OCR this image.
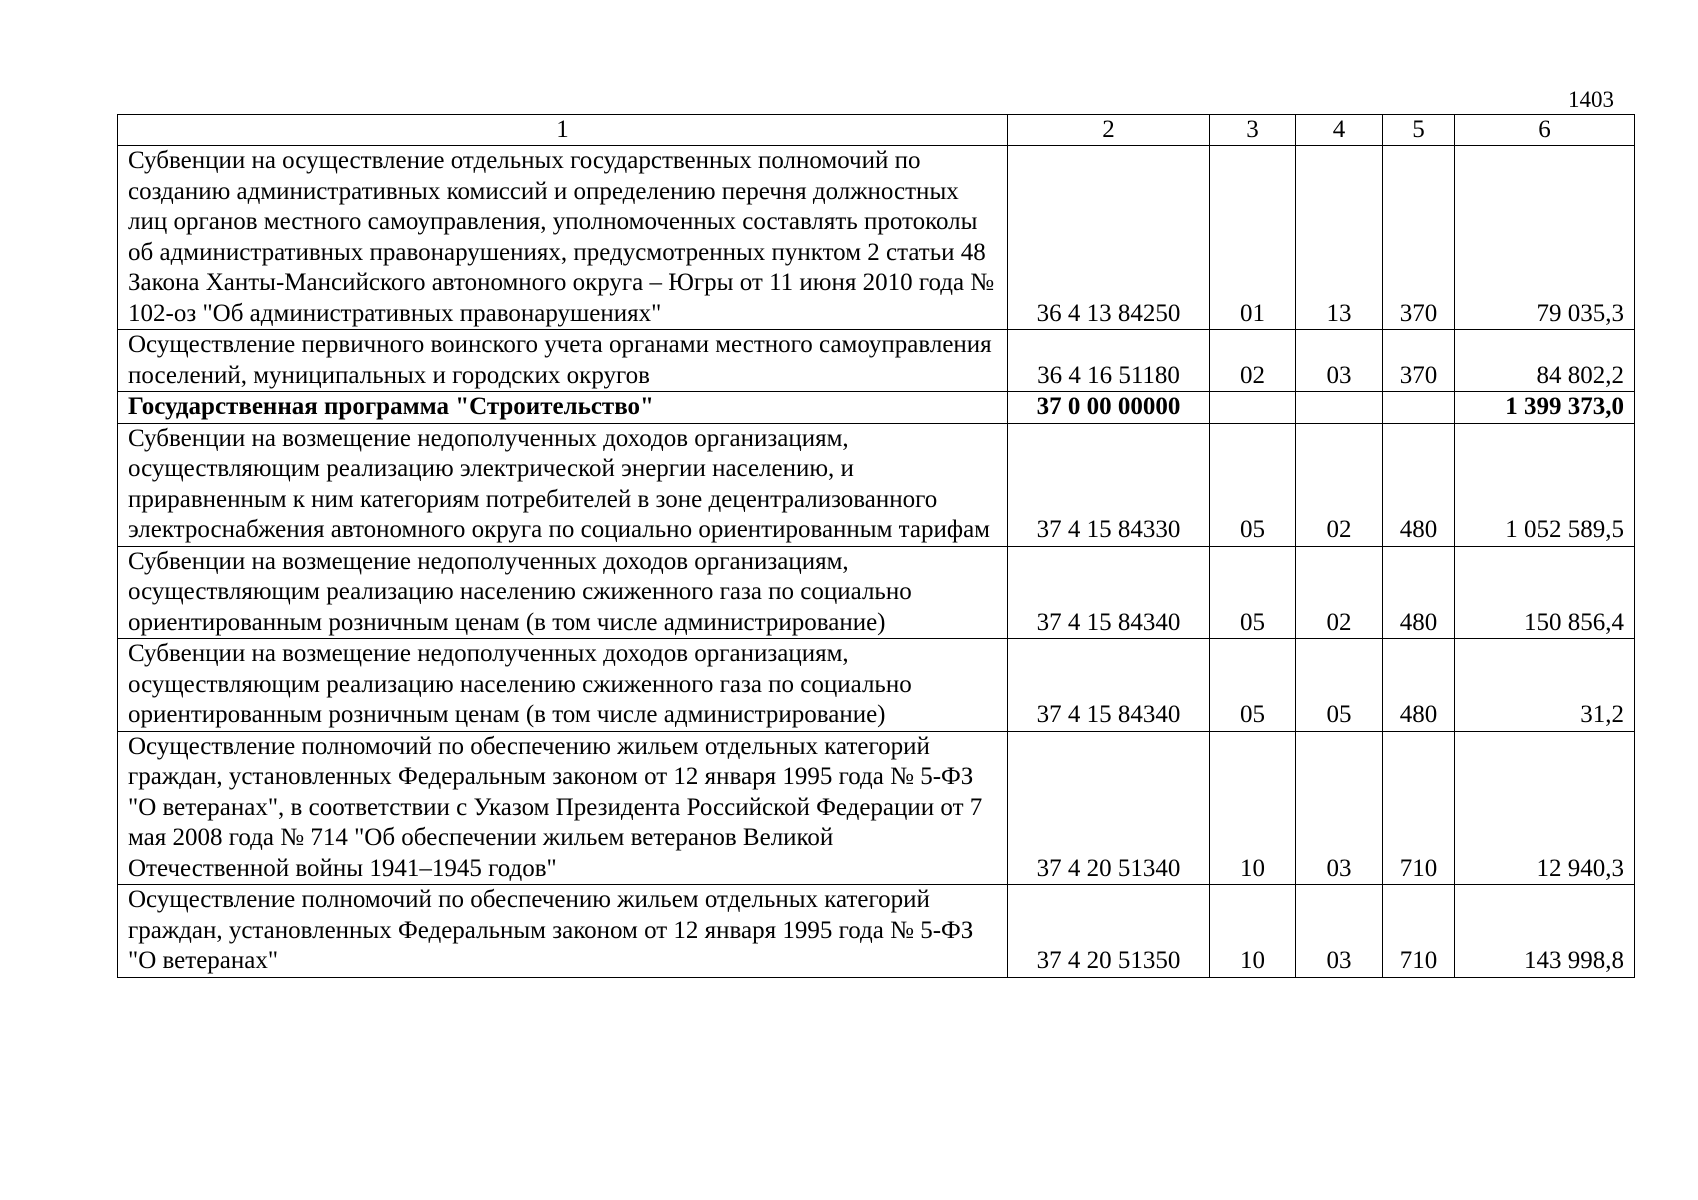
1403
1	2	3	4	5	6
Субвенции на осуществление отдельных государственных полномочий по созданию административных комиссий и определению перечня должностных лиц органов местного самоуправления, уполномоченных составлять протоколы об административных правонарушениях, предусмотренных пунктом 2 статьи 48 Закона Ханты-Мансийского автономного округа – Югры от 11 июня 2010 года № 102-оз "Об административных правонарушениях"	36 4 13 84250	01	13	370	79 035,3
Осуществление первичного воинского учета органами местного самоуправления поселений, муниципальных и городских округов	36 4 16 51180	02	03	370	84 802,2
Государственная программа "Строительство"	37 0 00 00000				1 399 373,0
Субвенции на возмещение недополученных доходов организациям, осуществляющим реализацию электрической энергии населению, и приравненным к ним категориям потребителей в зоне децентрализованного электроснабжения автономного округа по социально ориентированным тарифам	37 4 15 84330	05	02	480	1 052 589,5
Субвенции на возмещение недополученных доходов организациям, осуществляющим реализацию населению сжиженного газа по социально ориентированным розничным ценам (в том числе администрирование)	37 4 15 84340	05	02	480	150 856,4
Субвенции на возмещение недополученных доходов организациям, осуществляющим реализацию населению сжиженного газа по социально ориентированным розничным ценам (в том числе администрирование)	37 4 15 84340	05	05	480	31,2
Осуществление полномочий по обеспечению жильем отдельных категорий граждан, установленных Федеральным законом от 12 января 1995 года № 5-ФЗ "О ветеранах", в соответствии с Указом Президента Российской Федерации от 7 мая 2008 года № 714 "Об обеспечении жильем ветеранов Великой Отечественной войны 1941–1945 годов"	37 4 20 51340	10	03	710	12 940,3
Осуществление полномочий по обеспечению жильем отдельных категорий граждан, установленных Федеральным законом от 12 января 1995 года № 5-ФЗ "О ветеранах"	37 4 20 51350	10	03	710	143 998,8
